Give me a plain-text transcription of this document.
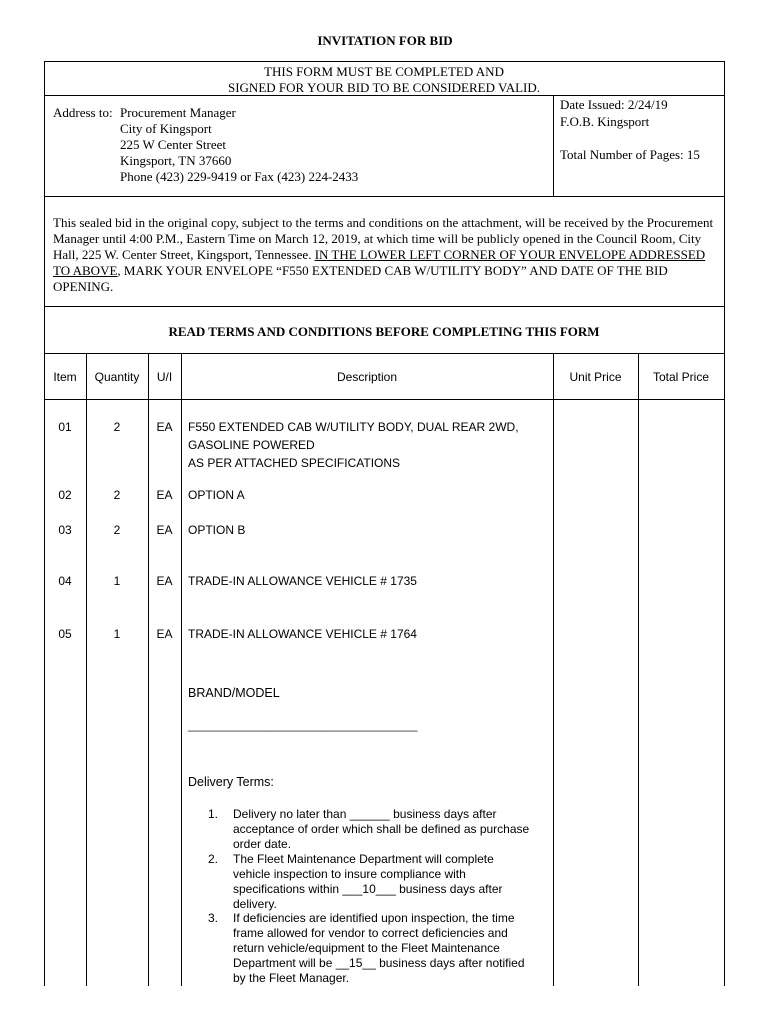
INVITATION FOR BID
THIS FORM MUST BE COMPLETED AND
SIGNED FOR YOUR BID TO BE CONSIDERED VALID.
Address to: Procurement Manager
City of Kingsport
225 W Center Street
Kingsport, TN 37660
Phone (423) 229-9419 or Fax (423) 224-2433
Date Issued: 2/24/19
F.O.B. Kingsport
Total Number of Pages: 15
This sealed bid in the original copy, subject to the terms and conditions on the attachment, will be received by the Procurement Manager until 4:00 P.M., Eastern Time on March 12, 2019, at which time will be publicly opened in the Council Room, City Hall, 225 W. Center Street, Kingsport, Tennessee. IN THE LOWER LEFT CORNER OF YOUR ENVELOPE ADDRESSED TO ABOVE, MARK YOUR ENVELOPE “F550 EXTENDED CAB W/UTILITY BODY” AND DATE OF THE BID OPENING.
READ TERMS AND CONDITIONS BEFORE COMPLETING THIS FORM
Item	Quantity	U/I	Description	Unit Price	Total Price
01	2	EA	F550 EXTENDED CAB W/UTILITY BODY, DUAL REAR 2WD,
GASOLINE POWERED
AS PER ATTACHED SPECIFICATIONS
02	2	EA	OPTION A
03	2	EA	OPTION B
04	1	EA	TRADE-IN ALLOWANCE VEHICLE # 1735
05	1	EA	TRADE-IN ALLOWANCE VEHICLE # 1764
BRAND/MODEL
_________________________________
Delivery Terms:
1. Delivery no later than ______ business days after
acceptance of order which shall be defined as purchase
order date.
2. The Fleet Maintenance Department will complete
vehicle inspection to insure compliance with
specifications within ___10___ business days after
delivery.
3. If deficiencies are identified upon inspection, the time
frame allowed for vendor to correct deficiencies and
return vehicle/equipment to the Fleet Maintenance
Department will be __15__ business days after notified
by the Fleet Manager.
